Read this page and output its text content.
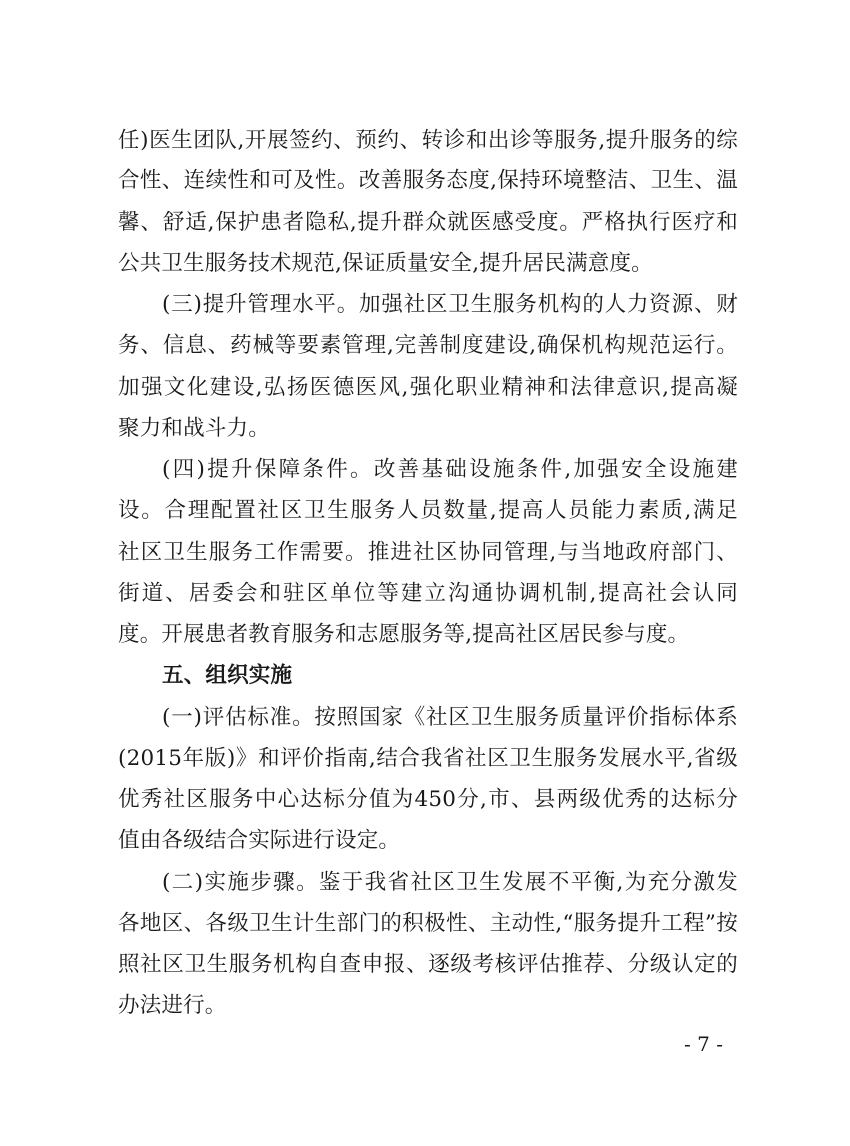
任)医生团队,开展签约、预约、转诊和出诊等服务,提升服务的综
合性、连续性和可及性。改善服务态度,保持环境整洁、卫生、温
馨、舒适,保护患者隐私,提升群众就医感受度。严格执行医疗和
公共卫生服务技术规范,保证质量安全,提升居民满意度。
(三)提升管理水平。加强社区卫生服务机构的人力资源、财
务、信息、药械等要素管理,完善制度建设,确保机构规范运行。
加强文化建设,弘扬医德医风,强化职业精神和法律意识,提高凝
聚力和战斗力。
(四)提升保障条件。改善基础设施条件,加强安全设施建
设。合理配置社区卫生服务人员数量,提高人员能力素质,满足
社区卫生服务工作需要。推进社区协同管理,与当地政府部门、
街道、居委会和驻区单位等建立沟通协调机制,提高社会认同
度。开展患者教育服务和志愿服务等,提高社区居民参与度。
五、组织实施
(一)评估标准。按照国家《社区卫生服务质量评价指标体系
(2015年版)》和评价指南,结合我省社区卫生服务发展水平,省级
优秀社区服务中心达标分值为450分,市、县两级优秀的达标分
值由各级结合实际进行设定。
(二)实施步骤。鉴于我省社区卫生发展不平衡,为充分激发
各地区、各级卫生计生部门的积极性、主动性,“服务提升工程”按
照社区卫生服务机构自查申报、逐级考核评估推荐、分级认定的
办法进行。
- 7 -
